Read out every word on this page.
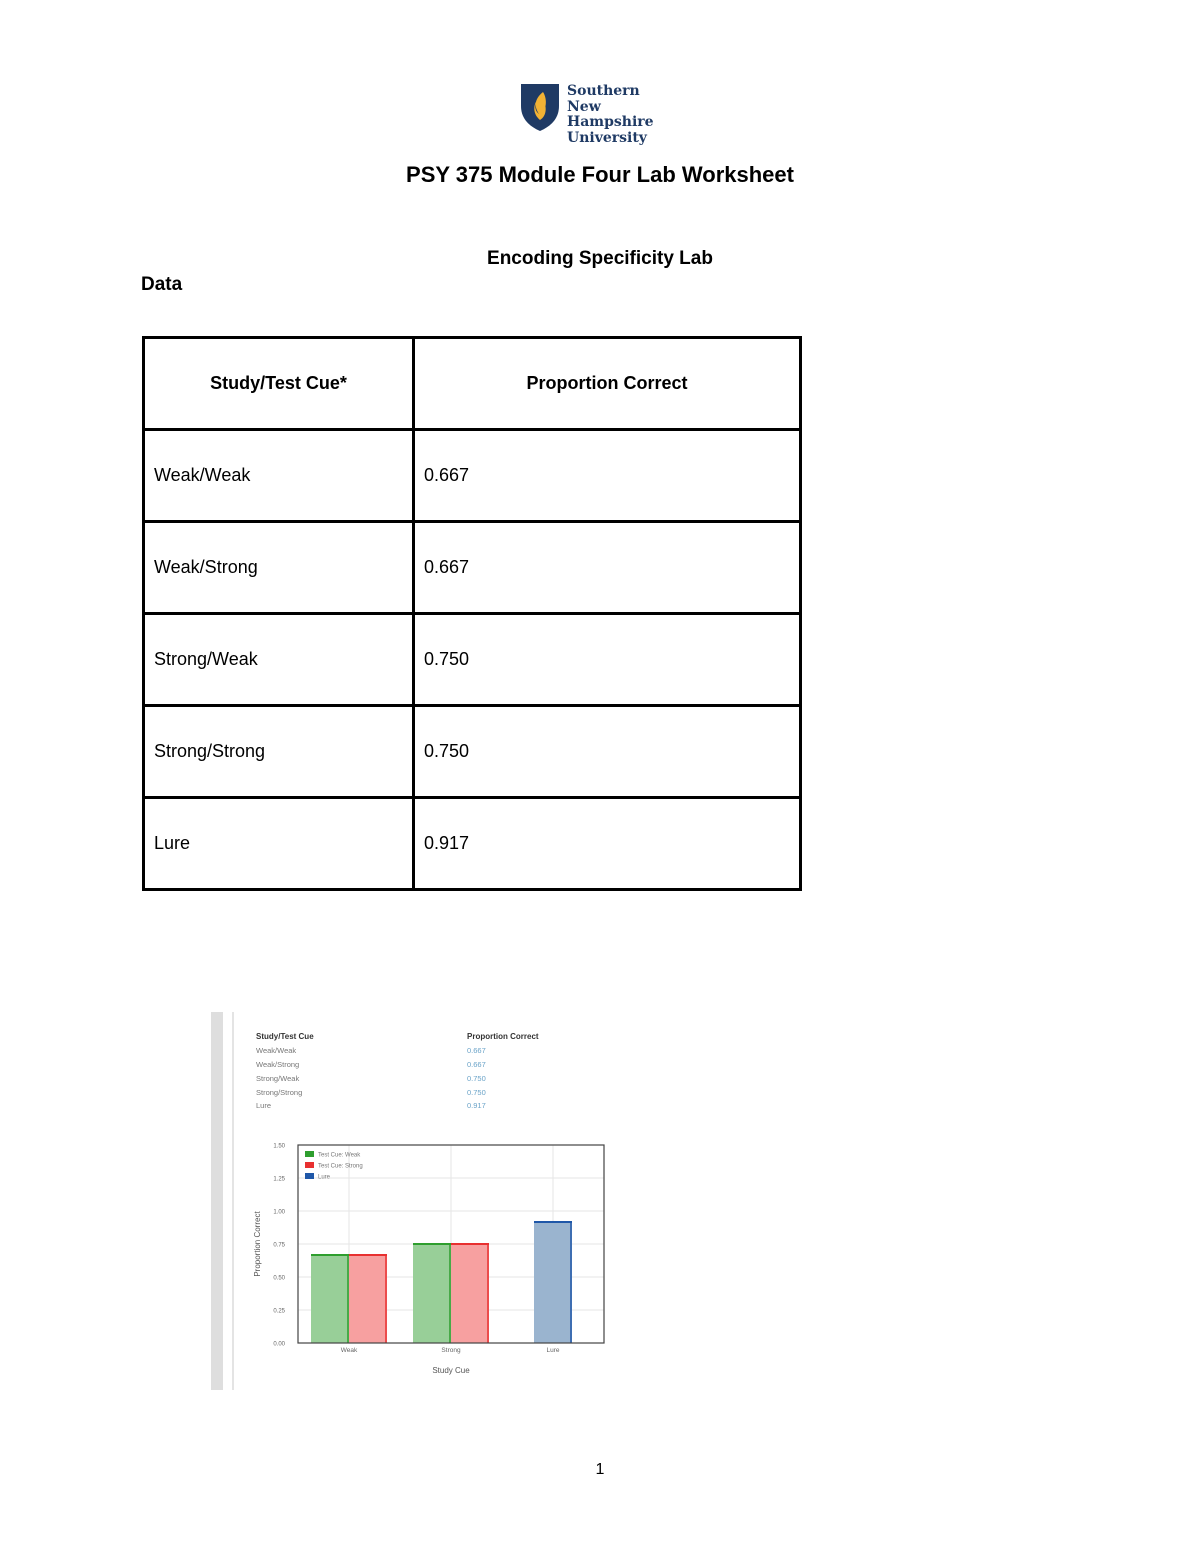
Southern
New Hampshire
University
PSY 375 Module Four Lab Worksheet
Encoding Specificity Lab
Data
Study/Test Cue*	Proportion Correct
Weak/Weak	0.667
Weak/Strong	0.667
Strong/Weak	0.750
Strong/Strong	0.750
Lure	0.917
Study/Test Cue	Proportion Correct
Weak/Weak	0.667
Weak/Strong	0.667
Strong/Weak	0.750
Strong/Strong	0.750
Lure	0.917
0.00
0.25
0.50
0.75
1.00
1.25
1.50
Weak	Strong	Lure
Test Cue: Weak
Test Cue: Strong
Lure
Study Cue
Proportion Correct
1
